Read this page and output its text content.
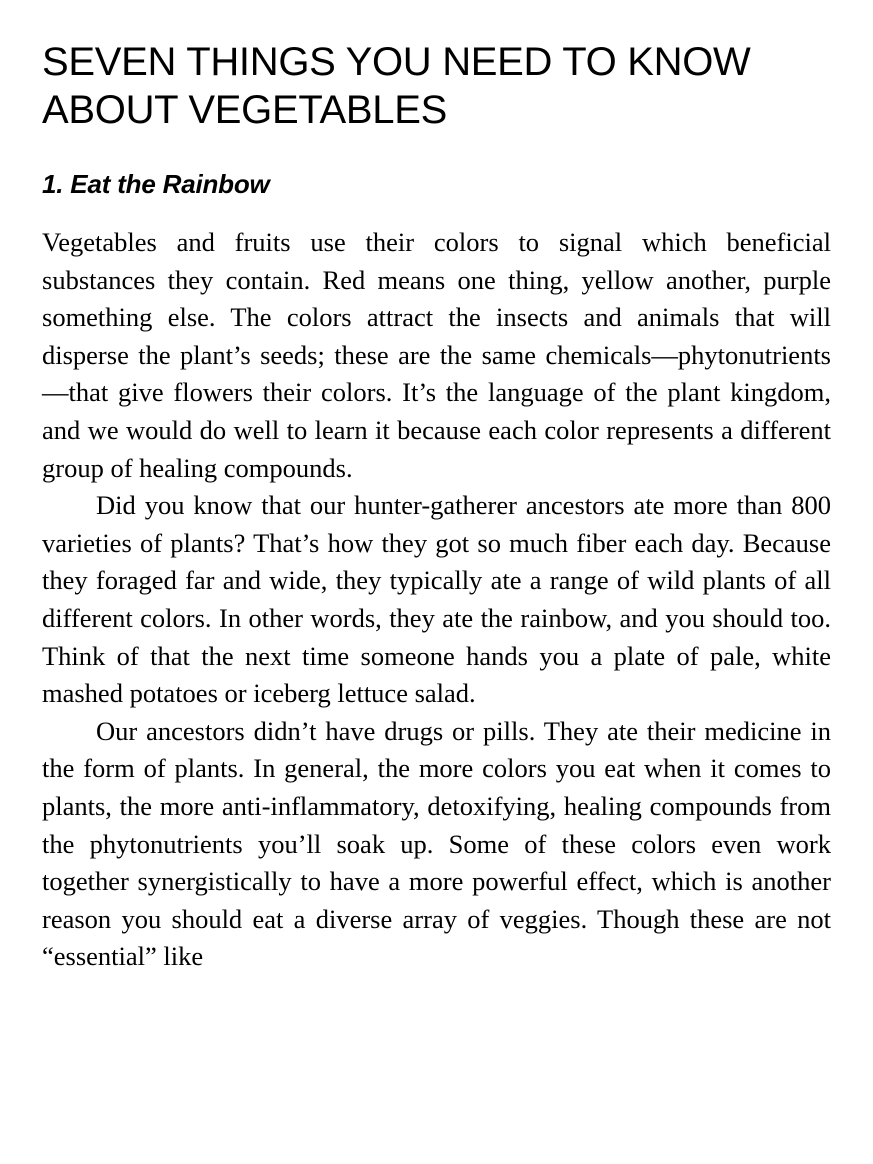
SEVEN THINGS YOU NEED TO KNOW
ABOUT VEGETABLES
1. Eat the Rainbow

Vegetables and fruits use their colors to signal which beneficial substances they contain. Red means one thing, yellow another, purple something else. The colors attract the insects and animals that will disperse the plant’s seeds; these are the same chemicals—phytonutrients—that give flowers their colors. It’s the language of the plant kingdom, and we would do well to learn it because each color represents a different group of healing compounds.

Did you know that our hunter-gatherer ancestors ate more than 800 varieties of plants? That’s how they got so much fiber each day. Because they foraged far and wide, they typically ate a range of wild plants of all different colors. In other words, they ate the rainbow, and you should too. Think of that the next time someone hands you a plate of pale, white mashed potatoes or iceberg lettuce salad.

Our ancestors didn’t have drugs or pills. They ate their medicine in the form of plants. In general, the more colors you eat when it comes to plants, the more anti-inflammatory, detoxifying, healing compounds from the phytonutrients you’ll soak up. Some of these colors even work together synergistically to have a more powerful effect, which is another reason you should eat a diverse array of veggies. Though these are not “essential” like
